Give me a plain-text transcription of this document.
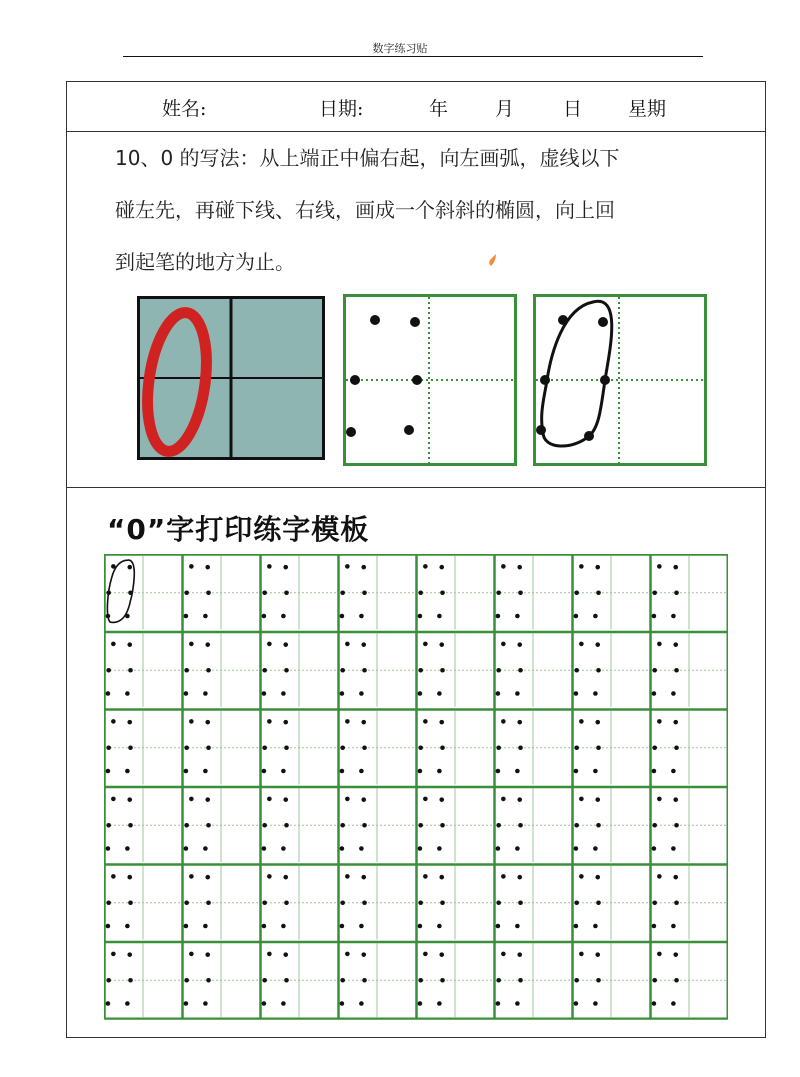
数字练习贴
姓名:	日期:	年 月	日 星期
10、0 的写法：从上端正中偏右起，向左画弧，虚线以下
碰左先，再碰下线、右线，画成一个斜斜的椭圆，向上回
到起笔的地方为止。
“0”字打印练字模板
